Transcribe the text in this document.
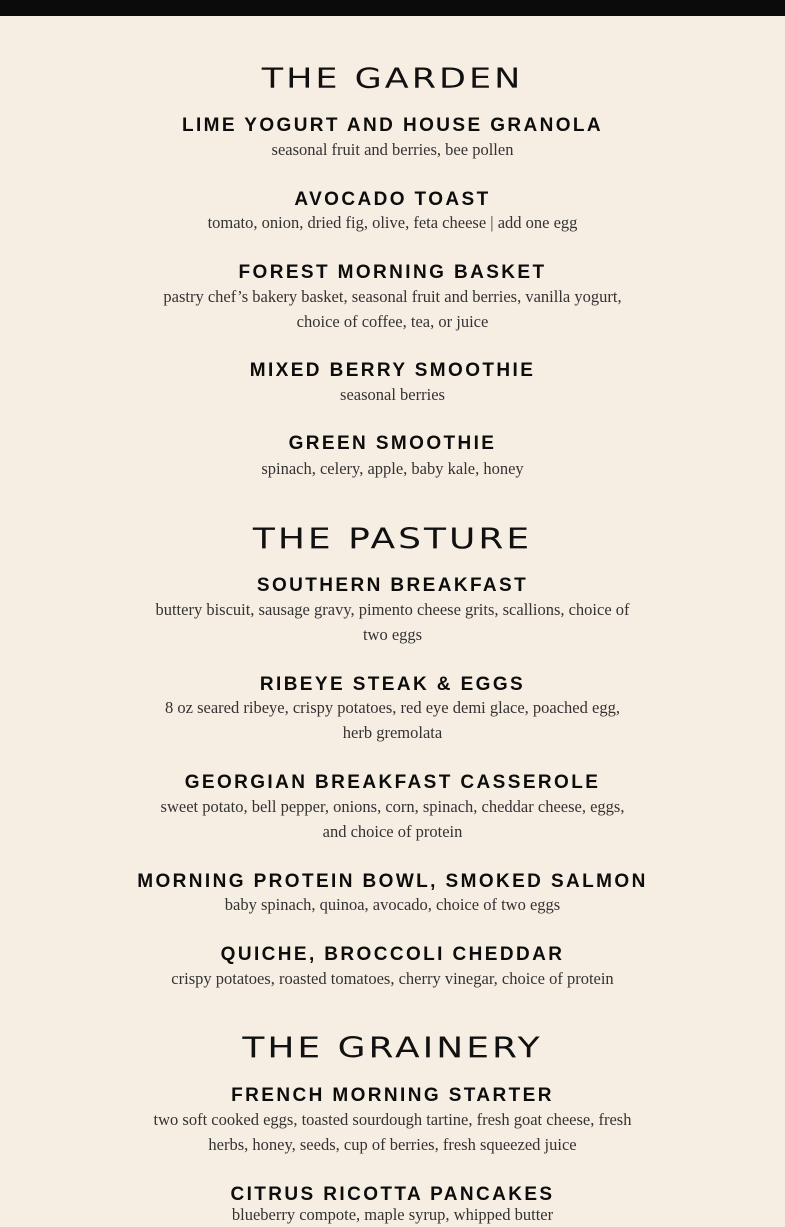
THE GARDEN
LIME YOGURT AND HOUSE GRANOLA

seasonal fruit and berries, bee pollen

AVOCADO TOAST

tomato, onion, dried fig, olive, feta cheese | add one egg

FOREST MORNING BASKET

pastry chef’s bakery basket, seasonal fruit and berries, vanilla yogurt, choice of coffee, tea, or juice

MIXED BERRY SMOOTHIE

seasonal berries

GREEN SMOOTHIE

spinach, celery, apple, baby kale, honey

THE PASTURE
SOUTHERN BREAKFAST

buttery biscuit, sausage gravy, pimento cheese grits, scallions, choice of two eggs

RIBEYE STEAK & EGGS

8 oz seared ribeye, crispy potatoes, red eye demi glace, poached egg, herb gremolata

GEORGIAN BREAKFAST CASSEROLE

sweet potato, bell pepper, onions, corn, spinach, cheddar cheese, eggs, and choice of protein

MORNING PROTEIN BOWL, SMOKED SALMON

baby spinach, quinoa, avocado, choice of two eggs

QUICHE, BROCCOLI CHEDDAR

crispy potatoes, roasted tomatoes, cherry vinegar, choice of protein

THE GRAINERY
FRENCH MORNING STARTER

two soft cooked eggs, toasted sourdough tartine, fresh goat cheese, fresh herbs, honey, seeds, cup of berries, fresh squeezed juice

CITRUS RICOTTA PANCAKES

blueberry compote, maple syrup, whipped butter
